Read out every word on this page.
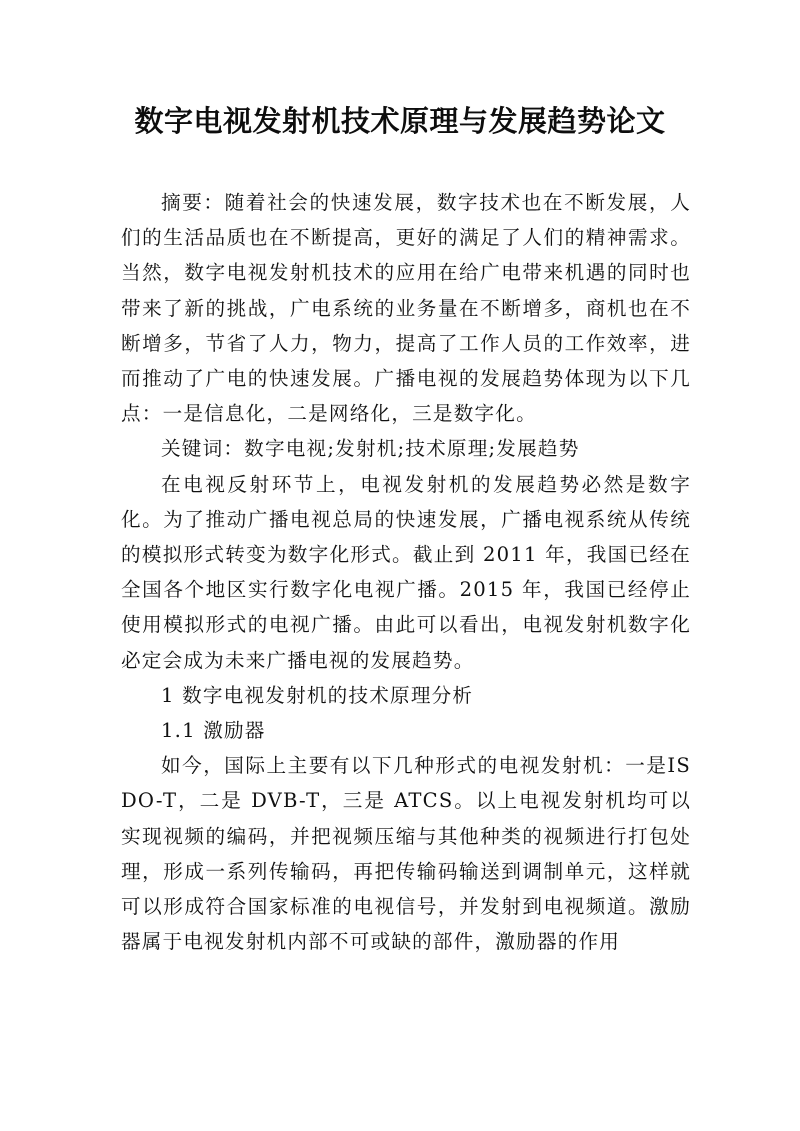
数字电视发射机技术原理与发展趋势论文

摘要：随着社会的快速发展，数字技术也在不断发展，人们的生活品质也在不断提高，更好的满足了人们的精神需求。当然，数字电视发射机技术的应用在给广电带来机遇的同时也带来了新的挑战，广电系统的业务量在不断增多，商机也在不断增多，节省了人力，物力，提高了工作人员的工作效率，进而推动了广电的快速发展。广播电视的发展趋势体现为以下几点：一是信息化，二是网络化，三是数字化。

关键词：数字电视;发射机;技术原理;发展趋势

在电视反射环节上，电视发射机的发展趋势必然是数字化。为了推动广播电视总局的快速发展，广播电视系统从传统的模拟形式转变为数字化形式。截止到 2011 年，我国已经在全国各个地区实行数字化电视广播。2015 年，我国已经停止使用模拟形式的电视广播。由此可以看出，电视发射机数字化必定会成为未来广播电视的发展趋势。

1 数字电视发射机的技术原理分析

1.1 激励器

如今，国际上主要有以下几种形式的电视发射机：一是ISDO-T，二是 DVB-T，三是 ATCS。以上电视发射机均可以实现视频的编码，并把视频压缩与其他种类的视频进行打包处理，形成一系列传输码，再把传输码输送到调制单元，这样就可以形成符合国家标准的电视信号，并发射到电视频道。激励器属于电视发射机内部不可或缺的部件，激励器的作用
